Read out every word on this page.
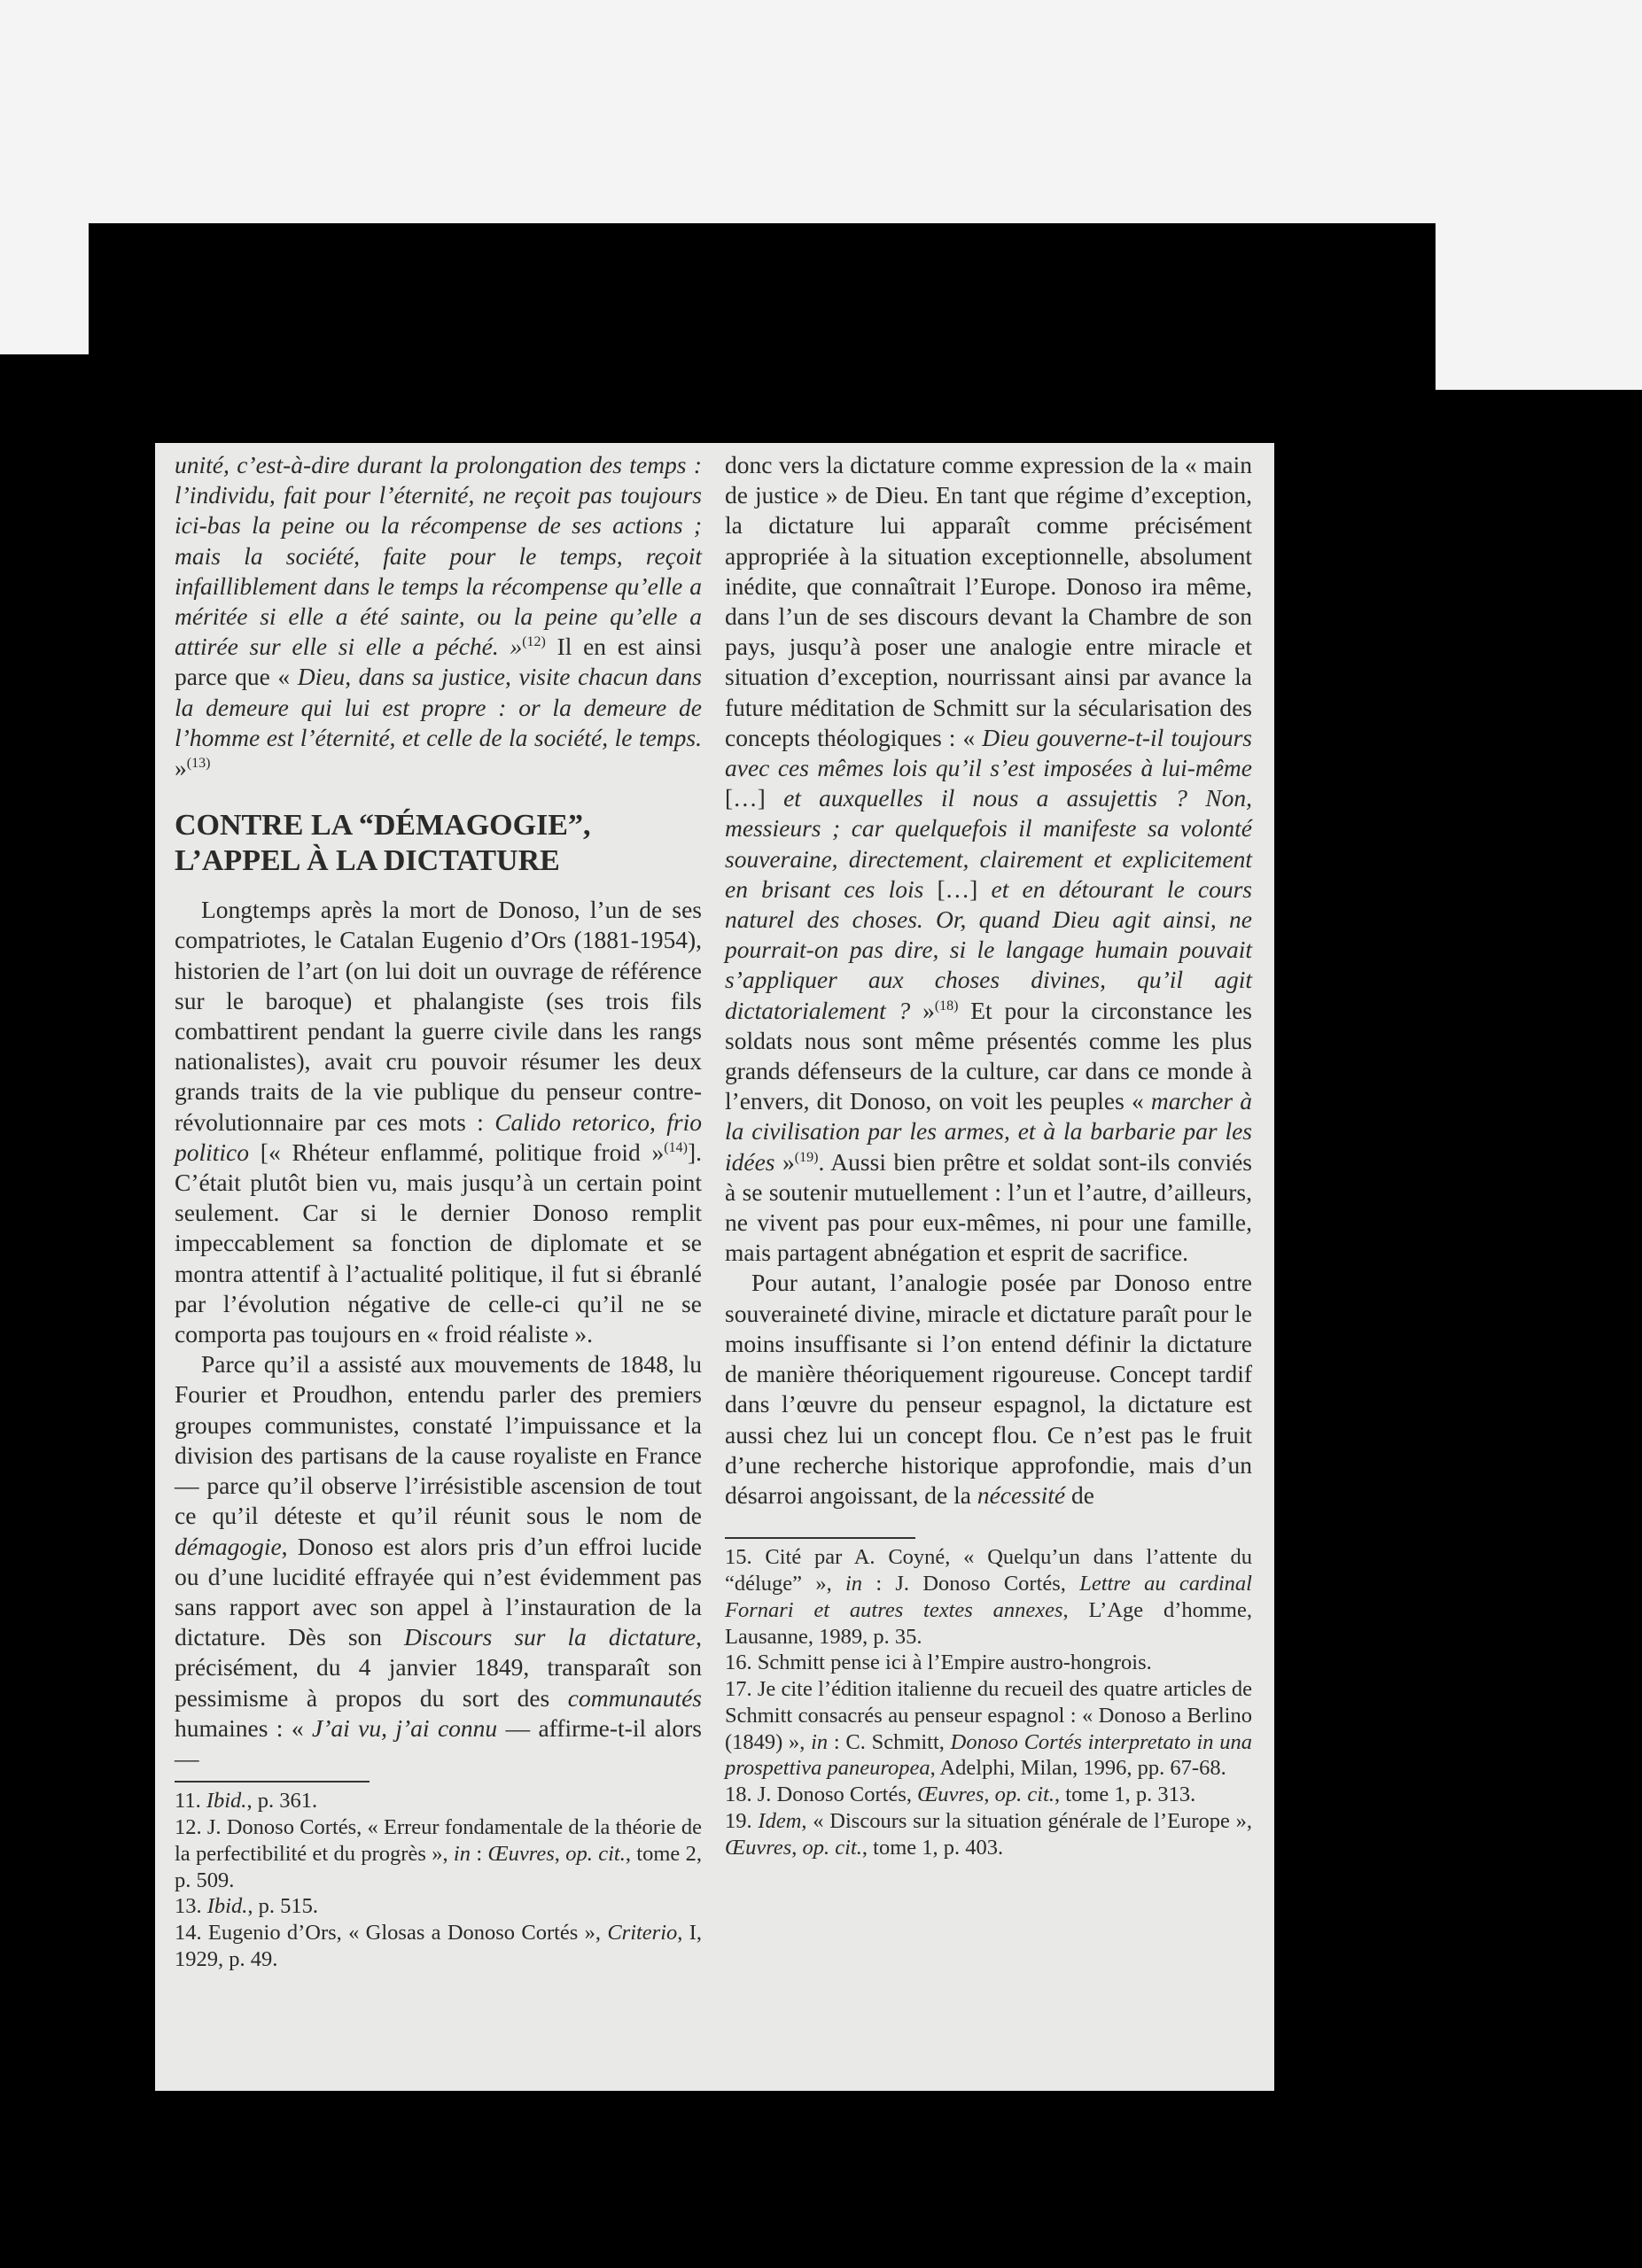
unité, c’est-à-dire durant la prolongation des temps : l’individu, fait pour l’éternité, ne reçoit pas toujours ici-bas la peine ou la récompense de ses actions ; mais la société, faite pour le temps, reçoit infailliblement dans le temps la récompense qu’elle a méritée si elle a été sainte, ou la peine qu’elle a attirée sur elle si elle a péché. »$^{(12)}$ Il en est ainsi parce que « Dieu, dans sa justice, visite chacun dans la demeure qui lui est propre : or la demeure de l’homme est l’éternité, et celle de la société, le temps. »$^{(13)}$

CONTRE LA “DÉMAGOGIE”,
L’APPEL À LA DICTATURE

Longtemps après la mort de Donoso, l’un de ses compatriotes, le Catalan Eugenio d’Ors (1881-1954), historien de l’art (on lui doit un ouvrage de référence sur le baroque) et phalangiste (ses trois fils combattirent pendant la guerre civile dans les rangs nationalistes), avait cru pouvoir résumer les deux grands traits de la vie publique du penseur contre-révolutionnaire par ces mots : Calido retorico, frio politico [« Rhéteur enflammé, politique froid »$^{(14)}$]. C’était plutôt bien vu, mais jusqu’à un certain point seulement. Car si le dernier Donoso remplit impeccablement sa fonction de diplomate et se montra attentif à l’actualité politique, il fut si ébranlé par l’évolution négative de celle-ci qu’il ne se comporta pas toujours en « froid réaliste ».

Parce qu’il a assisté aux mouvements de 1848, lu Fourier et Proudhon, entendu parler des premiers groupes communistes, constaté l’impuissance et la division des partisans de la cause royaliste en France — parce qu’il observe l’irrésistible ascension de tout ce qu’il déteste et qu’il réunit sous le nom de démagogie, Donoso est alors pris d’un effroi lucide ou d’une lucidité effrayée qui n’est évidemment pas sans rapport avec son appel à l’instauration de la dictature. Dès son Discours sur la dictature, précisément, du 4 janvier 1849, transparaît son pessimisme à propos du sort des communautés humaines : « J’ai vu, j’ai connu — affirme-t-il alors —

11. Ibid., p. 361.

12. J. Donoso Cortés, « Erreur fondamentale de la théorie de la perfectibilité et du progrès », in : Œuvres, op. cit., tome 2, p. 509.

13. Ibid., p. 515.

14. Eugenio d’Ors, « Glosas a Donoso Cortés », Criterio, I, 1929, p. 49.

donc vers la dictature comme expression de la « main de justice » de Dieu. En tant que régime d’exception, la dictature lui apparaît comme précisément appropriée à la situation exceptionnelle, absolument inédite, que connaîtrait l’Europe. Donoso ira même, dans l’un de ses discours devant la Chambre de son pays, jusqu’à poser une analogie entre miracle et situation d’exception, nourrissant ainsi par avance la future méditation de Schmitt sur la sécularisation des concepts théologiques : « Dieu gouverne-t-il toujours avec ces mêmes lois qu’il s’est imposées à lui-même […] et auxquelles il nous a assujettis ? Non, messieurs ; car quelquefois il manifeste sa volonté souveraine, directement, clairement et explicitement en brisant ces lois […] et en détourant le cours naturel des choses. Or, quand Dieu agit ainsi, ne pourrait-on pas dire, si le langage humain pouvait s’appliquer aux choses divines, qu’il agit dictatorialement ? »$^{(18)}$ Et pour la circonstance les soldats nous sont même présentés comme les plus grands défenseurs de la culture, car dans ce monde à l’envers, dit Donoso, on voit les peuples « marcher à la civilisation par les armes, et à la barbarie par les idées »$^{(19)}$. Aussi bien prêtre et soldat sont-ils conviés à se soutenir mutuellement : l’un et l’autre, d’ailleurs, ne vivent pas pour eux-mêmes, ni pour une famille, mais partagent abnégation et esprit de sacrifice.

Pour autant, l’analogie posée par Donoso entre souveraineté divine, miracle et dictature paraît pour le moins insuffisante si l’on entend définir la dictature de manière théoriquement rigoureuse. Concept tardif dans l’œuvre du penseur espagnol, la dictature est aussi chez lui un concept flou. Ce n’est pas le fruit d’une recherche historique approfondie, mais d’un désarroi angoissant, de la nécessité de

15. Cité par A. Coyné, « Quelqu’un dans l’attente du “déluge” », in : J. Donoso Cortés, Lettre au cardinal Fornari et autres textes annexes, L’Age d’homme, Lausanne, 1989, p. 35.

16. Schmitt pense ici à l’Empire austro-hongrois.

17. Je cite l’édition italienne du recueil des quatre articles de Schmitt consacrés au penseur espagnol : « Donoso a Berlino (1849) », in : C. Schmitt, Donoso Cortés interpretato in una prospettiva paneuropea, Adelphi, Milan, 1996, pp. 67-68.

18. J. Donoso Cortés, Œuvres, op. cit., tome 1, p. 313.

19. Idem, « Discours sur la situation générale de l’Europe », Œuvres, op. cit., tome 1, p. 403.
